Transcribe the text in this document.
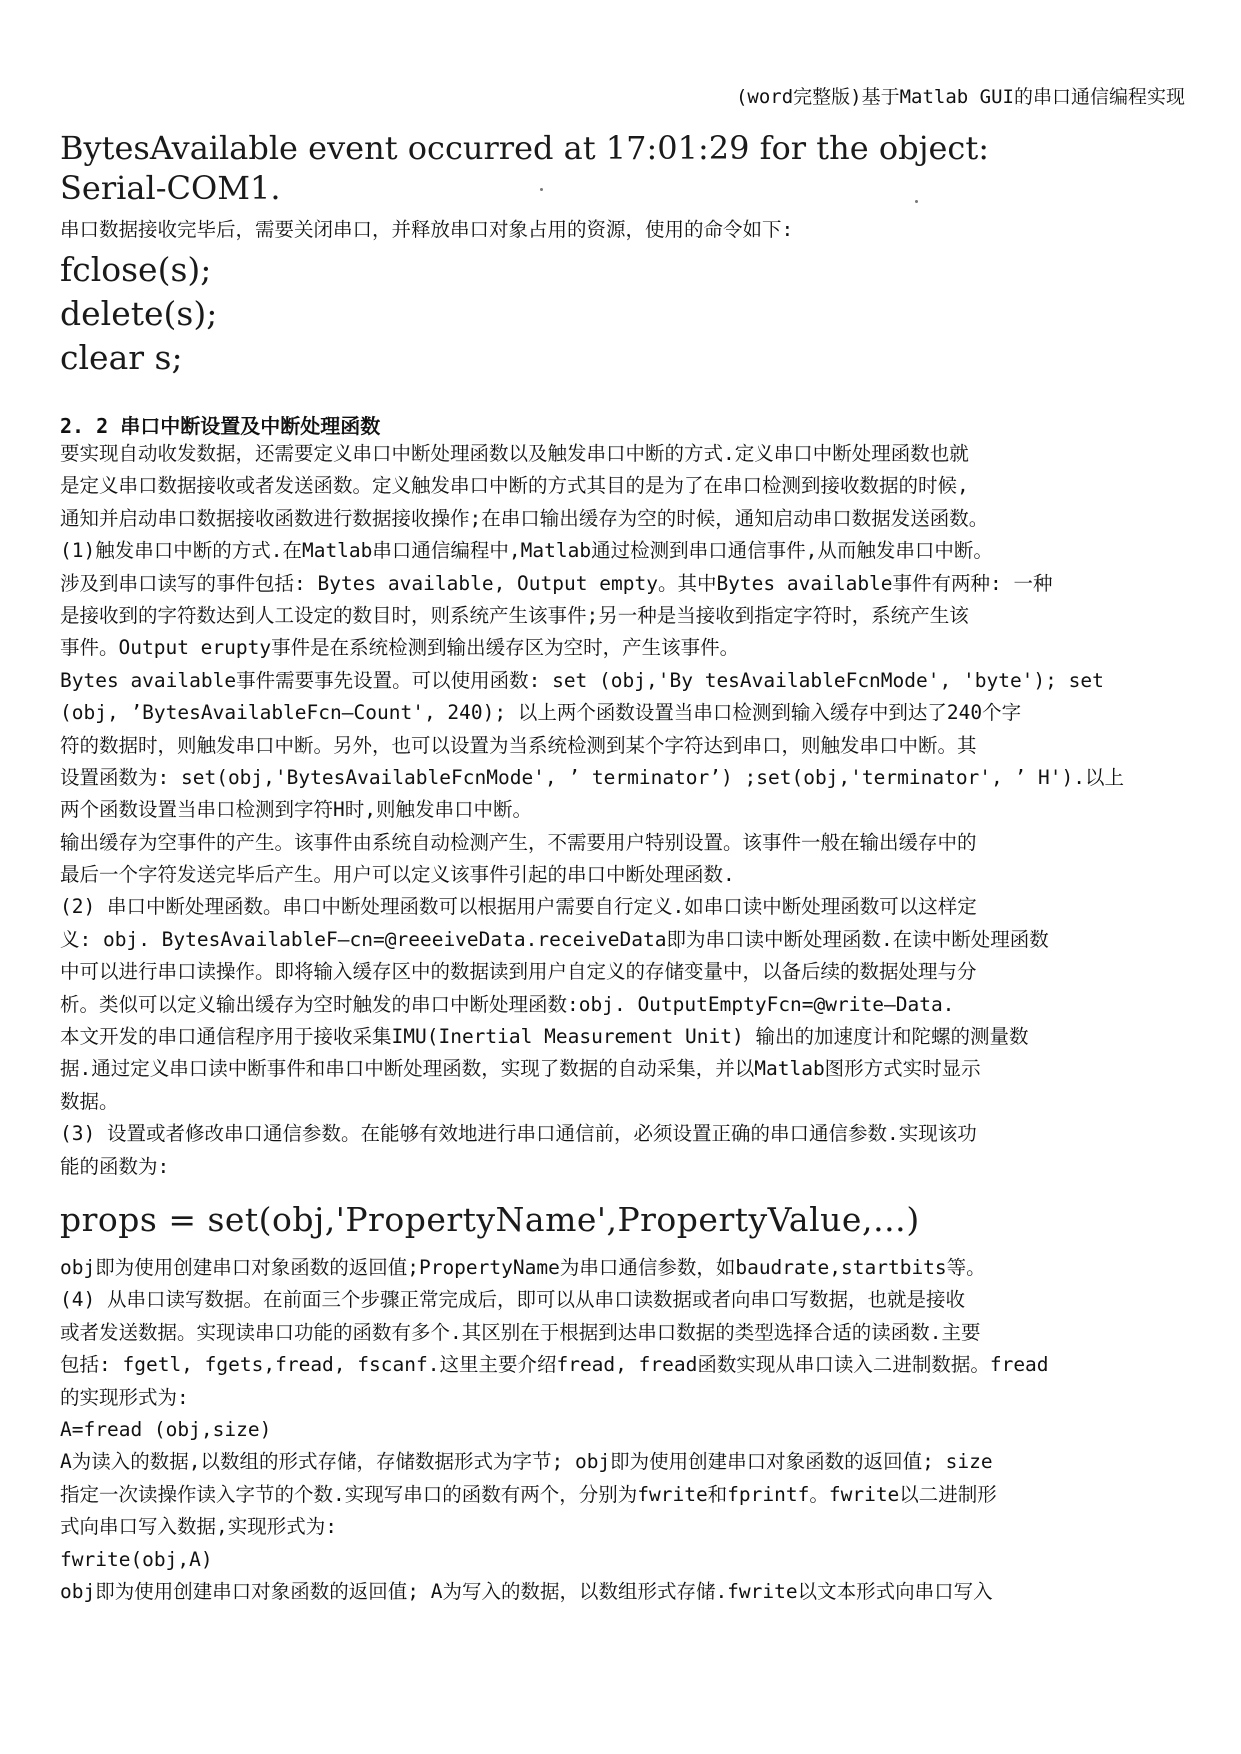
(word完整版)基于Matlab GUI的串口通信编程实现
BytesAvailable event occurred at 17:01:29 for the object:
Serial-COM1.
串口数据接收完毕后，需要关闭串口，并释放串口对象占用的资源，使用的命令如下:
fclose(s);
delete(s);
clear s;
2. 2 串口中断设置及中断处理函数
要实现自动收发数据，还需要定义串口中断处理函数以及触发串口中断的方式.定义串口中断处理函数也就
是定义串口数据接收或者发送函数。定义触发串口中断的方式其目的是为了在串口检测到接收数据的时候,
通知并启动串口数据接收函数进行数据接收操作;在串口输出缓存为空的时候，通知启动串口数据发送函数。
(1)触发串口中断的方式.在Matlab串口通信编程中,Matlab通过检测到串口通信事件,从而触发串口中断。
涉及到串口读写的事件包括: Bytes available, Output empty。其中Bytes available事件有两种: 一种
是接收到的字符数达到人工设定的数目时，则系统产生该事件;另一种是当接收到指定字符时，系统产生该
事件。Output erupty事件是在系统检测到输出缓存区为空时，产生该事件。
Bytes available事件需要事先设置。可以使用函数: set (obj,'By tesAvailableFcnMode', 'byte'); set
(obj, ’BytesAvailableFcn—Count', 240); 以上两个函数设置当串口检测到输入缓存中到达了240个字
符的数据时，则触发串口中断。另外，也可以设置为当系统检测到某个字符达到串口，则触发串口中断。其
设置函数为: set(obj,'BytesAvailableFcnMode', ’ terminator’) ;set(obj,'terminator', ’ H').以上
两个函数设置当串口检测到字符H时,则触发串口中断。
输出缓存为空事件的产生。该事件由系统自动检测产生，不需要用户特别设置。该事件一般在输出缓存中的
最后一个字符发送完毕后产生。用户可以定义该事件引起的串口中断处理函数.
(2) 串口中断处理函数。串口中断处理函数可以根据用户需要自行定义.如串口读中断处理函数可以这样定
义: obj. BytesAvailableF—cn=@reeeiveData.receiveData即为串口读中断处理函数.在读中断处理函数
中可以进行串口读操作。即将输入缓存区中的数据读到用户自定义的存储变量中，以备后续的数据处理与分
析。类似可以定义输出缓存为空时触发的串口中断处理函数:obj. OutputEmptyFcn=@write—Data.
本文开发的串口通信程序用于接收采集IMU(Inertial Measurement Unit) 输出的加速度计和陀螺的测量数
据.通过定义串口读中断事件和串口中断处理函数，实现了数据的自动采集，并以Matlab图形方式实时显示
数据。
(3) 设置或者修改串口通信参数。在能够有效地进行串口通信前，必须设置正确的串口通信参数.实现该功
能的函数为:
props = set(obj,'PropertyName',PropertyValue,…)
obj即为使用创建串口对象函数的返回值;PropertyName为串口通信参数，如baudrate,startbits等。
(4) 从串口读写数据。在前面三个步骤正常完成后，即可以从串口读数据或者向串口写数据，也就是接收
或者发送数据。实现读串口功能的函数有多个.其区别在于根据到达串口数据的类型选择合适的读函数.主要
包括: fgetl, fgets,fread, fscanf.这里主要介绍fread, fread函数实现从串口读入二进制数据。fread
的实现形式为:
A=fread (obj,size)
A为读入的数据,以数组的形式存储，存储数据形式为字节; obj即为使用创建串口对象函数的返回值; size
指定一次读操作读入字节的个数.实现写串口的函数有两个，分别为fwrite和fprintf。fwrite以二进制形
式向串口写入数据,实现形式为:
fwrite(obj,A)
obj即为使用创建串口对象函数的返回值; A为写入的数据，以数组形式存储.fwrite以文本形式向串口写入
